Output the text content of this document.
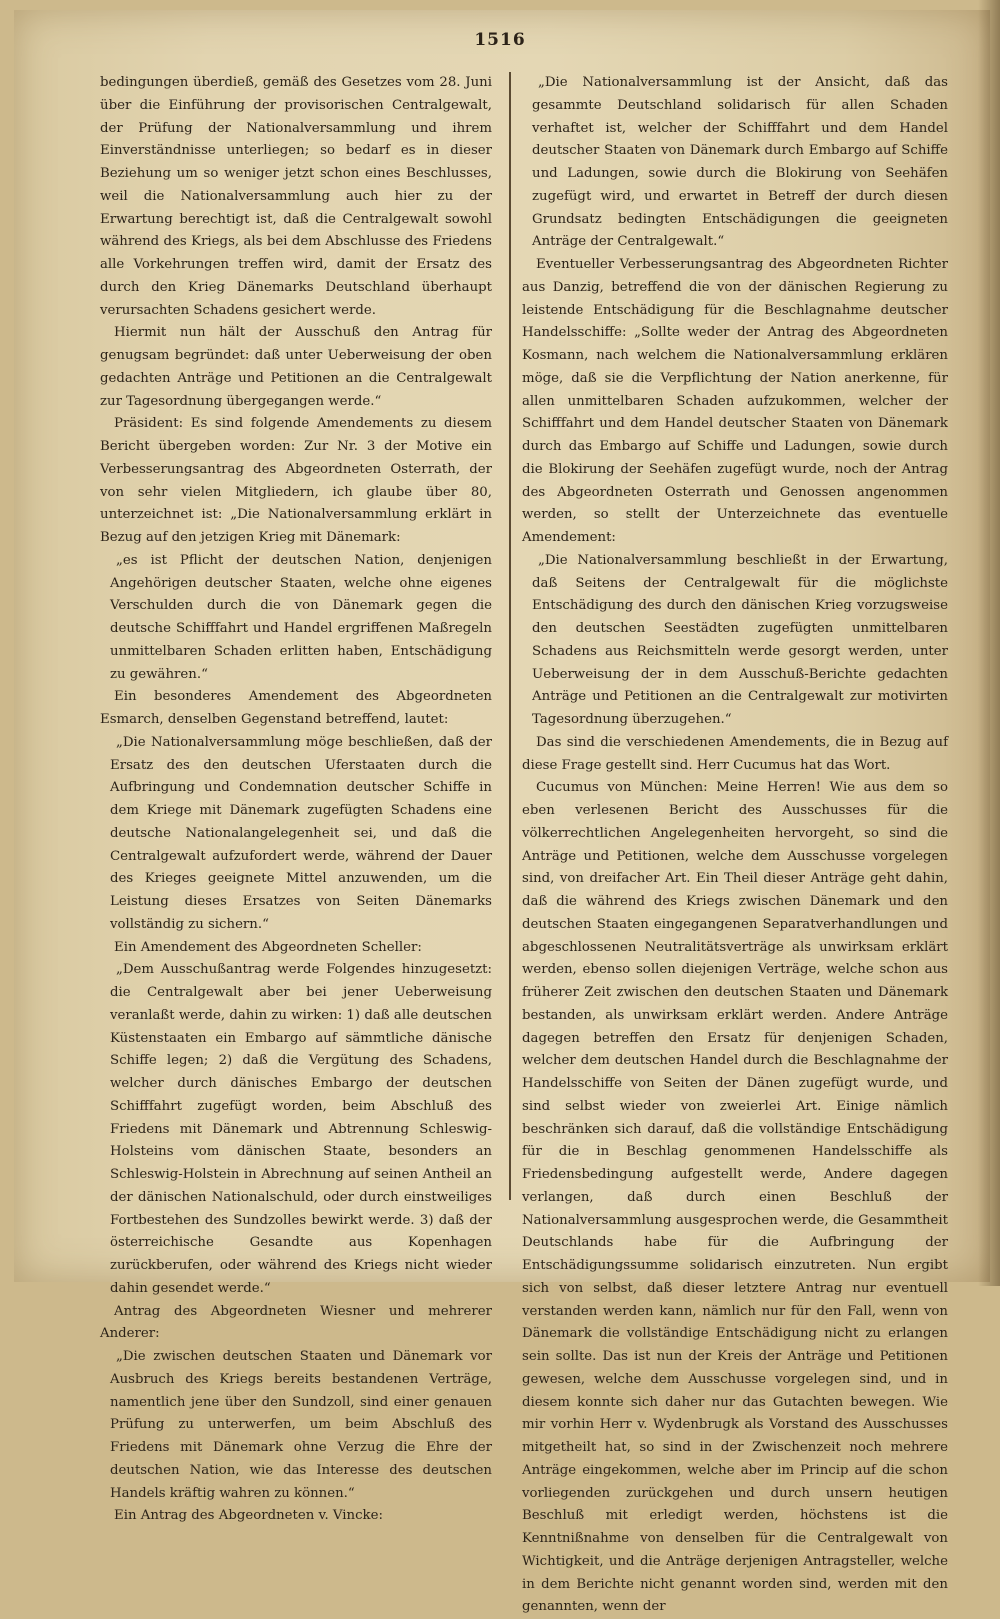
1516

bedingungen überdieß, gemäß des Gesetzes vom 28. Juni über die Einführung der provisorischen Centralgewalt, der Prüfung der Nationalversammlung und ihrem Einverständnisse unterliegen; so bedarf es in dieser Beziehung um so weniger jetzt schon eines Beschlusses, weil die Nationalversammlung auch hier zu der Erwartung berechtigt ist, daß die Centralgewalt sowohl während des Kriegs, als bei dem Abschlusse des Friedens alle Vorkehrungen treffen wird, damit der Ersatz des durch den Krieg Dänemarks Deutschland überhaupt verursachten Schadens gesichert werde.

Hiermit nun hält der Ausschuß den Antrag für genugsam begründet: daß unter Ueberweisung der oben gedachten Anträge und Petitionen an die Centralgewalt zur Tagesordnung übergegangen werde.“

Präsident: Es sind folgende Amendements zu diesem Bericht übergeben worden: Zur Nr. 3 der Motive ein Verbesserungsantrag des Abgeordneten Osterrath, der von sehr vielen Mitgliedern, ich glaube über 80, unterzeichnet ist: „Die Nationalversammlung erklärt in Bezug auf den jetzigen Krieg mit Dänemark:

„es ist Pflicht der deutschen Nation, denjenigen Angehörigen deutscher Staaten, welche ohne eigenes Verschulden durch die von Dänemark gegen die deutsche Schifffahrt und Handel ergriffenen Maßregeln unmittelbaren Schaden erlitten haben, Entschädigung zu gewähren.“

Ein besonderes Amendement des Abgeordneten Esmarch, denselben Gegenstand betreffend, lautet:

„Die Nationalversammlung möge beschließen, daß der Ersatz des den deutschen Uferstaaten durch die Aufbringung und Condemnation deutscher Schiffe in dem Kriege mit Dänemark zugefügten Schadens eine deutsche Nationalangelegenheit sei, und daß die Centralgewalt aufzufordert werde, während der Dauer des Krieges geeignete Mittel anzuwenden, um die Leistung dieses Ersatzes von Seiten Dänemarks vollständig zu sichern.“

Ein Amendement des Abgeordneten Scheller:

„Dem Ausschußantrag werde Folgendes hinzugesetzt: die Centralgewalt aber bei jener Ueberweisung veranlaßt werde, dahin zu wirken: 1) daß alle deutschen Küstenstaaten ein Embargo auf sämmtliche dänische Schiffe legen; 2) daß die Vergütung des Schadens, welcher durch dänisches Embargo der deutschen Schifffahrt zugefügt worden, beim Abschluß des Friedens mit Dänemark und Abtrennung Schleswig-Holsteins vom dänischen Staate, besonders an Schleswig-Holstein in Abrechnung auf seinen Antheil an der dänischen Nationalschuld, oder durch einstweiliges Fortbestehen des Sundzolles bewirkt werde. 3) daß der österreichische Gesandte aus Kopenhagen zurückberufen, oder während des Kriegs nicht wieder dahin gesendet werde.“

Antrag des Abgeordneten Wiesner und mehrerer Anderer:

„Die zwischen deutschen Staaten und Dänemark vor Ausbruch des Kriegs bereits bestandenen Verträge, namentlich jene über den Sundzoll, sind einer genauen Prüfung zu unterwerfen, um beim Abschluß des Friedens mit Dänemark ohne Verzug die Ehre der deutschen Nation, wie das Interesse des deutschen Handels kräftig wahren zu können.“

Ein Antrag des Abgeordneten v. Vincke:

„Die Nationalversammlung ist der Ansicht, daß das gesammte Deutschland solidarisch für allen Schaden verhaftet ist, welcher der Schifffahrt und dem Handel deutscher Staaten von Dänemark durch Embargo auf Schiffe und Ladungen, sowie durch die Blokirung von Seehäfen zugefügt wird, und erwartet in Betreff der durch diesen Grundsatz bedingten Entschädigungen die geeigneten Anträge der Centralgewalt.“

Eventueller Verbesserungsantrag des Abgeordneten Richter aus Danzig, betreffend die von der dänischen Regierung zu leistende Entschädigung für die Beschlagnahme deutscher Handelsschiffe: „Sollte weder der Antrag des Abgeordneten Kosmann, nach welchem die Nationalversammlung erklären möge, daß sie die Verpflichtung der Nation anerkenne, für allen unmittelbaren Schaden aufzukommen, welcher der Schifffahrt und dem Handel deutscher Staaten von Dänemark durch das Embargo auf Schiffe und Ladungen, sowie durch die Blokirung der Seehäfen zugefügt wurde, noch der Antrag des Abgeordneten Osterrath und Genossen angenommen werden, so stellt der Unterzeichnete das eventuelle Amendement:

„Die Nationalversammlung beschließt in der Erwartung, daß Seitens der Centralgewalt für die möglichste Entschädigung des durch den dänischen Krieg vorzugsweise den deutschen Seestädten zugefügten unmittelbaren Schadens aus Reichsmitteln werde gesorgt werden, unter Ueberweisung der in dem Ausschuß-Berichte gedachten Anträge und Petitionen an die Centralgewalt zur motivirten Tagesordnung überzugehen.“

Das sind die verschiedenen Amendements, die in Bezug auf diese Frage gestellt sind. Herr Cucumus hat das Wort.

Cucumus von München: Meine Herren! Wie aus dem so eben verlesenen Bericht des Ausschusses für die völkerrechtlichen Angelegenheiten hervorgeht, so sind die Anträge und Petitionen, welche dem Ausschusse vorgelegen sind, von dreifacher Art. Ein Theil dieser Anträge geht dahin, daß die während des Kriegs zwischen Dänemark und den deutschen Staaten eingegangenen Separatverhandlungen und abgeschlossenen Neutralitätsverträge als unwirksam erklärt werden, ebenso sollen diejenigen Verträge, welche schon aus früherer Zeit zwischen den deutschen Staaten und Dänemark bestanden, als unwirksam erklärt werden. Andere Anträge dagegen betreffen den Ersatz für denjenigen Schaden, welcher dem deutschen Handel durch die Beschlagnahme der Handelsschiffe von Seiten der Dänen zugefügt wurde, und sind selbst wieder von zweierlei Art. Einige nämlich beschränken sich darauf, daß die vollständige Entschädigung für die in Beschlag genommenen Handelsschiffe als Friedensbedingung aufgestellt werde, Andere dagegen verlangen, daß durch einen Beschluß der Nationalversammlung ausgesprochen werde, die Gesammtheit Deutschlands habe für die Aufbringung der Entschädigungssumme solidarisch einzutreten. Nun ergibt sich von selbst, daß dieser letztere Antrag nur eventuell verstanden werden kann, nämlich nur für den Fall, wenn von Dänemark die vollständige Entschädigung nicht zu erlangen sein sollte. Das ist nun der Kreis der Anträge und Petitionen gewesen, welche dem Ausschusse vorgelegen sind, und in diesem konnte sich daher nur das Gutachten bewegen. Wie mir vorhin Herr v. Wydenbrugk als Vorstand des Ausschusses mitgetheilt hat, so sind in der Zwischenzeit noch mehrere Anträge eingekommen, welche aber im Princip auf die schon vorliegenden zurückgehen und durch unsern heutigen Beschluß mit erledigt werden, höchstens ist die Kenntnißnahme von denselben für die Centralgewalt von Wichtigkeit, und die Anträge derjenigen Antragsteller, welche in dem Berichte nicht genannt worden sind, werden mit den genannten, wenn der
